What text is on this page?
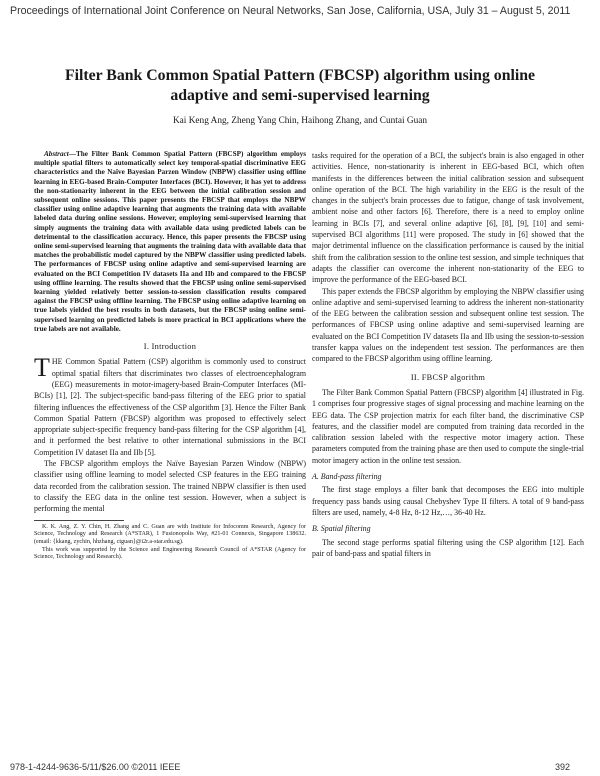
Proceedings of International Joint Conference on Neural Networks, San Jose, California, USA, July 31 – August 5, 2011
Filter Bank Common Spatial Pattern (FBCSP) algorithm using online adaptive and semi-supervised learning
Kai Keng Ang, Zheng Yang Chin, Haihong Zhang, and Cuntai Guan

Abstract—The Filter Bank Common Spatial Pattern (FBCSP) algorithm employs multiple spatial filters to automatically select key temporal-spatial discriminative EEG characteristics and the Naïve Bayesian Parzen Window (NBPW) classifier using offline learning in EEG-based Brain-Computer Interfaces (BCI). However, it has yet to address the non-stationarity inherent in the EEG between the initial calibration session and subsequent online sessions. This paper presents the FBCSP that employs the NBPW classifier using online adaptive learning that augments the training data with available labeled data during online sessions. However, employing semi-supervised learning that simply augments the training data with available data using predicted labels can be detrimental to the classification accuracy. Hence, this paper presents the FBCSP using online semi-supervised learning that augments the training data with available data that matches the probabilistic model captured by the NBPW classifier using predicted labels. The performances of FBCSP using online adaptive and semi-supervised learning are evaluated on the BCI Competition IV datasets IIa and IIb and compared to the FBCSP using offline learning. The results showed that the FBCSP using online semi-supervised learning yielded relatively better session-to-session classification results compared against the FBCSP using offline learning. The FBCSP using online adaptive learning on true labels yielded the best results in both datasets, but the FBCSP using online semi-supervised learning on predicted labels is more practical in BCI applications where the true labels are not available.

I. Introduction

THE Common Spatial Pattern (CSP) algorithm is commonly used to construct optimal spatial filters that discriminates two classes of electroencephalogram (EEG) measurements in motor-imagery-based Brain-Computer Interfaces (MI-BCIs) [1], [2]. The subject-specific band-pass filtering of the EEG prior to spatial filtering influences the effectiveness of the CSP algorithm [3]. Hence the Filter Bank Common Spatial Pattern (FBCSP) algorithm was proposed to effectively select appropriate subject-specific frequency band-pass filtering for the CSP algorithm [4], and it performed the best relative to other international submissions in the BCI Competition IV dataset IIa and IIb [5].

The FBCSP algorithm employs the Naïve Bayesian Parzen Window (NBPW) classifier using offline learning to model selected CSP features in the EEG training data recorded from the calibration session. The trained NBPW classifier is then used to classify the EEG data in the online test session. However, when a subject is performing the mental

K. K. Ang, Z. Y. Chin, H. Zhang and C. Guan are with Institute for Infocomm Research, Agency for Science, Technology and Research (A*STAR), 1 Fusionopolis Way, #21-01 Connexis, Singapore 138632. (email: {kkang, zychin, hhzhang, ctguan}@i2r.a-star.edu.sg).

This work was supported by the Science and Engineering Research Council of A*STAR (Agency for Science, Technology and Research).

tasks required for the operation of a BCI, the subject's brain is also engaged in other activities. Hence, non-stationarity is inherent in EEG-based BCI, which often manifests in the differences between the initial calibration session and subsequent online operation of the BCI. The high variability in the EEG is the result of the changes in the subject's brain processes due to fatigue, change of task involvement, ambient noise and other factors [6]. Therefore, there is a need to employ online learning in BCIs [7], and several online adaptive [6], [8], [9], [10] and semi-supervised BCI algorithms [11] were proposed. The study in [6] showed that the major detrimental influence on the classification performance is caused by the initial shift from the calibration session to the online test session, and simple techniques that adapts the classifier can overcome the inherent non-stationarity of the EEG to improve the performance of the EEG-based BCI.

This paper extends the FBCSP algorithm by employing the NBPW classifier using online adaptive and semi-supervised learning to address the inherent non-stationarity of the EEG between the calibration session and subsequent online test session. The performances of FBCSP using online adaptive and semi-supervised learning are evaluated on the BCI Competition IV datasets IIa and IIb using the session-to-session transfer kappa values on the independent test session. The performances are then compared to the FBCSP algorithm using offline learning.

II. FBCSP algorithm

The Filter Bank Common Spatial Pattern (FBCSP) algorithm [4] illustrated in Fig. 1 comprises four progressive stages of signal processing and machine learning on the EEG data. The CSP projection matrix for each filter band, the discriminative CSP features, and the classifier model are computed from training data recorded in the calibration session labeled with the respective motor imagery action. These parameters computed from the training phase are then used to compute the single-trial motor imagery action in the online test session.

A. Band-pass filtering

The first stage employs a filter bank that decomposes the EEG into multiple frequency pass bands using causal Chebyshev Type II filters. A total of 9 band-pass filters are used, namely, 4-8 Hz, 8-12 Hz,…, 36-40 Hz.

B. Spatial filtering

The second stage performs spatial filtering using the CSP algorithm [12]. Each pair of band-pass and spatial filters in

978-1-4244-9636-5/11/$26.00 ©2011 IEEE	392
